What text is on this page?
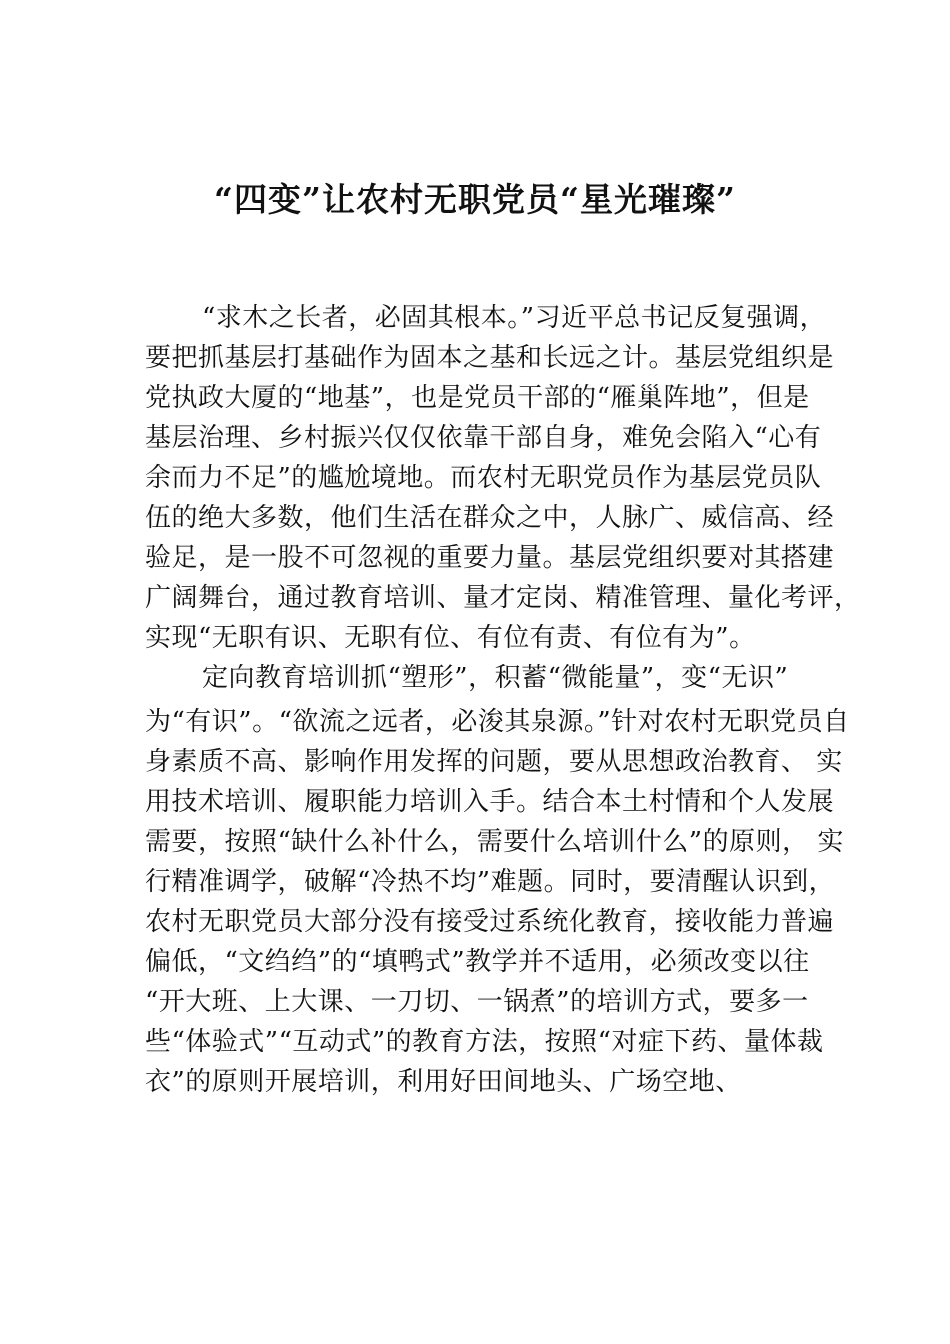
“四变”让农村无职党员“星光璀璨”
“求木之长者，必固其根本。”习近平总书记反复强调，
要把抓基层打基础作为固本之基和长远之计。基层党组织是
党执政大厦的“地基”，也是党员干部的“雁巢阵地”，但是
基层治理、乡村振兴仅仅依靠干部自身，难免会陷入“心有
余而力不足”的尴尬境地。而农村无职党员作为基层党员队
伍的绝大多数，他们生活在群众之中，人脉广、威信高、经
验足，是一股不可忽视的重要力量。基层党组织要对其搭建
广阔舞台，通过教育培训、量才定岗、精准管理、量化考评，
实现“无职有识、无职有位、有位有责、有位有为”。
定向教育培训抓“塑形”，积蓄“微能量”，变“无识”
为“有识”。“欲流之远者，必浚其泉源。”针对农村无职党员自
身素质不高、影响作用发挥的问题，要从思想政治教育、 实
用技术培训、履职能力培训入手。结合本土村情和个人发展
需要，按照“缺什么补什么，需要什么培训什么”的原则， 实
行精准调学，破解“冷热不均”难题。同时，要清醒认识到，
农村无职党员大部分没有接受过系统化教育，接收能力普遍
偏低，“文绉绉”的“填鸭式”教学并不适用，必须改变以往
“开大班、上大课、一刀切、一锅煮”的培训方式，要多一
些“体验式”“互动式”的教育方法，按照“对症下药、量体裁
衣”的原则开展培训，利用好田间地头、广场空地、
